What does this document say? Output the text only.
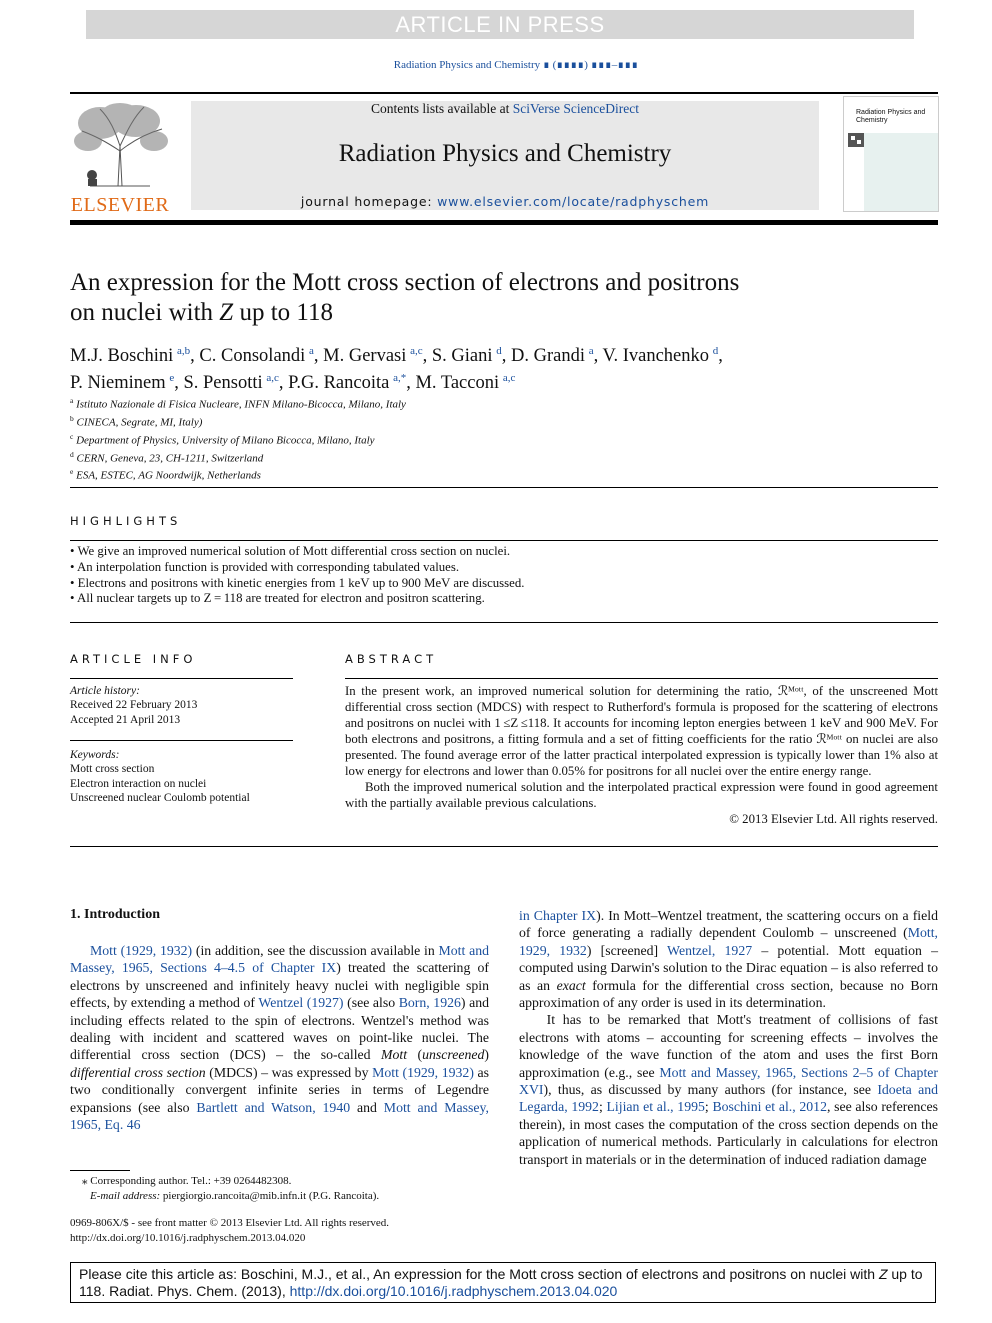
ARTICLE IN PRESS
Radiation Physics and Chemistry ∎ (∎∎∎∎) ∎∎∎–∎∎∎
ELSEVIER
Contents lists available at SciVerse ScienceDirect
Radiation Physics and Chemistry
journal homepage: www.elsevier.com/locate/radphyschem
Radiation Physics and Chemistry
An expression for the Mott cross section of electrons and positrons
on nuclei with Z up to 118
M.J. Boschini  $^{a,b}$, C. Consolandi  $^a$, M. Gervasi  $^{a,c}$, S. Giani  $^d$, D. Grandi  $^a$, V. Ivanchenko  $^d$,
P. Nieminem  $^e$, S. Pensotti  $^{a,c}$, P.G. Rancoita  $^{a,*}$, M. Tacconi  $^{a,c}$
$^a$ Istituto Nazionale di Fisica Nucleare, INFN Milano-Bicocca, Milano, Italy
$^b$ CINECA, Segrate, MI, Italy)
$^c$ Department of Physics, University of Milano Bicocca, Milano, Italy
$^d$ CERN, Geneva, 23, CH-1211, Switzerland
$^e$ ESA, ESTEC, AG Noordwijk, Netherlands
HIGHLIGHTS
• We give an improved numerical solution of Mott differential cross section on nuclei.
• An interpolation function is provided with corresponding tabulated values.
• Electrons and positrons with kinetic energies from 1 keV up to 900 MeV are discussed.
• All nuclear targets up to Z = 118 are treated for electron and positron scattering.
ARTICLE INFO
Article history:
Received 22 February 2013
Accepted 21 April 2013
Keywords:
Mott cross section
Electron interaction on nuclei
Unscreened nuclear Coulomb potential
ABSTRACT
In the present work, an improved numerical solution for determining the ratio, ℛᴹᵒᵗᵗ, of the unscreened Mott differential cross section (MDCS) with respect to Rutherford's formula is proposed for the scattering of electrons and positrons on nuclei with 1 ≤Z ≤118. It accounts for incoming lepton energies between 1 keV and 900 MeV. For both electrons and positrons, a fitting formula and a set of fitting coefficients for the ratio ℛᴹᵒᵗᵗ on nuclei are also presented. The found average error of the latter practical interpolated expression is typically lower than 1% also at low energy for electrons and lower than 0.05% for positrons for all nuclei over the entire energy range.
Both the improved numerical solution and the interpolated practical expression were found in good agreement with the partially available previous calculations.
© 2013 Elsevier Ltd. All rights reserved.
1. Introduction
Mott (1929, 1932) (in addition, see the discussion available in Mott and Massey, 1965, Sections 4–4.5 of Chapter IX) treated the scattering of electrons by unscreened and infinitely heavy nuclei with negligible spin effects, by extending a method of Wentzel (1927) (see also Born, 1926) and including effects related to the spin of electrons. Wentzel's method was dealing with incident and scattered waves on point-like nuclei. The differential cross section (DCS) – the so-called Mott (unscreened) differential cross section (MDCS) – was expressed by Mott (1929, 1932) as two conditionally convergent infinite series in terms of Legendre expansions (see also Bartlett and Watson, 1940 and Mott and Massey, 1965, Eq. 46
in Chapter IX). In Mott–Wentzel treatment, the scattering occurs on a field of force generating a radially dependent Coulomb – unscreened (Mott, 1929, 1932) [screened] Wentzel, 1927 – potential. Mott equation – computed using Darwin's solution to the Dirac equation – is also referred to as an exact formula for the differential cross section, because no Born approximation of any order is used in its determination.
  It has to be remarked that Mott's treatment of collisions of fast electrons with atoms – accounting for screening effects – involves the knowledge of the wave function of the atom and uses the first Born approximation (e.g., see Mott and Massey, 1965, Sections 2–5 of Chapter XVI), thus, as discussed by many authors (for instance, see Idoeta and Legarda, 1992; Lijian et al., 1995; Boschini et al., 2012, see also references therein), in most cases the computation of the cross section depends on the application of numerical methods. Particularly in calculations for electron transport in materials or in the determination of induced radiation damage
⁎ Corresponding author. Tel.: +39 0264482308.
E-mail address: piergiorgio.rancoita@mib.infn.it (P.G. Rancoita).
0969-806X/$ - see front matter © 2013 Elsevier Ltd. All rights reserved.
http://dx.doi.org/10.1016/j.radphyschem.2013.04.020
Please cite this article as: Boschini, M.J., et al., An expression for the Mott cross section of electrons and positrons on nuclei with Z up to 118. Radiat. Phys. Chem. (2013), http://dx.doi.org/10.1016/j.radphyschem.2013.04.020
